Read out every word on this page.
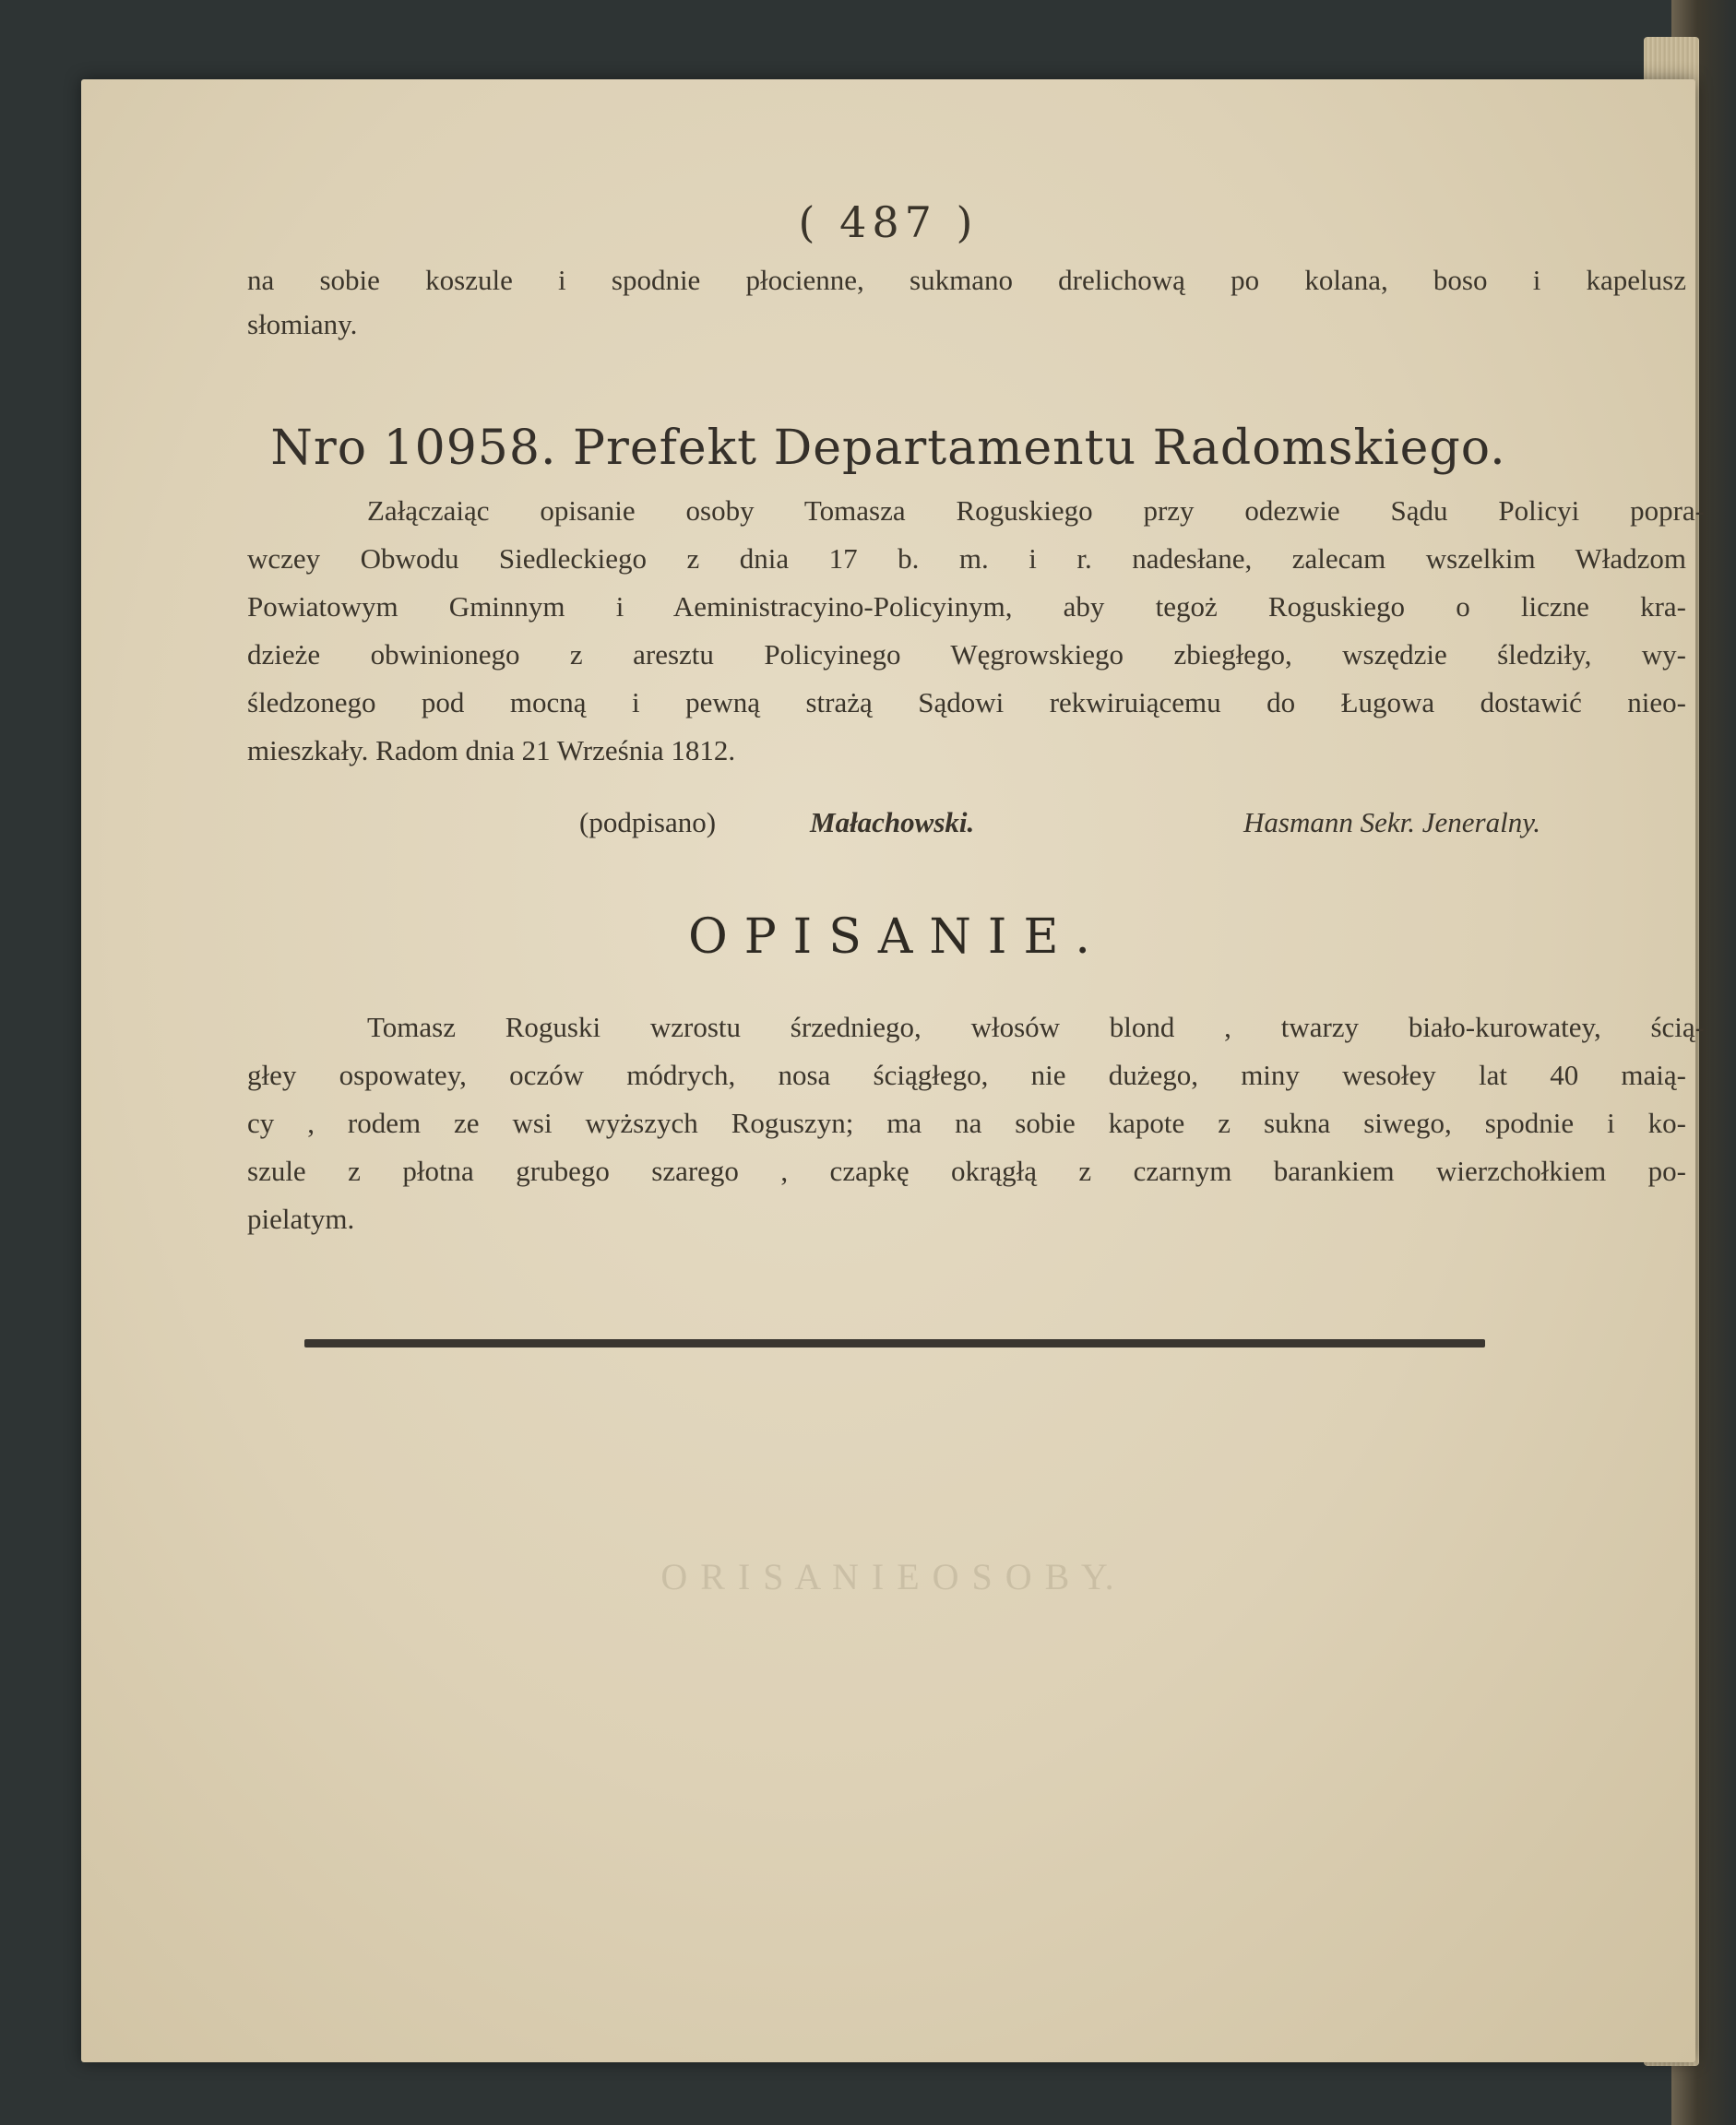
O R I S A N I E O S O B Y.
( 487 )
na sobie koszule i spodnie płocienne, sukmano drelichową po kolana, boso i kapelusz
słomiany.
Nro 10958. Prefekt Departamentu Radomskiego.
Załączaiąc opisanie osoby Tomasza Roguskiego przy odezwie Sądu Policyi popra-
wczey Obwodu Siedleckiego z dnia 17 b. m. i r. nadesłane, zalecam wszelkim Władzom
Powiatowym Gminnym i Aeministracyino-Policyinym, aby tegoż Roguskiego o liczne kra-
dzieże obwinionego z aresztu Policyinego Węgrowskiego zbiegłego, wszędzie śledziły, wy-
śledzonego pod mocną i pewną strażą Sądowi rekwiruiącemu do Ługowa dostawić nieo-
mieszkały. Radom dnia 21 Września 1812.
(podpisano)	Małachowski.	Hasmann Sekr. Jeneralny.
OPISANIE.
Tomasz Roguski wzrostu śrzedniego, włosów blond , twarzy biało-kurowatey, ścią-
głey ospowatey, oczów módrych, nosa ściągłego, nie dużego, miny wesołey lat 40 maią-
cy , rodem ze wsi wyższych Roguszyn; ma na sobie kapote z sukna siwego, spodnie i ko-
szule z płotna grubego szarego , czapkę okrągłą z czarnym barankiem wierzchołkiem po-
pielatym.
